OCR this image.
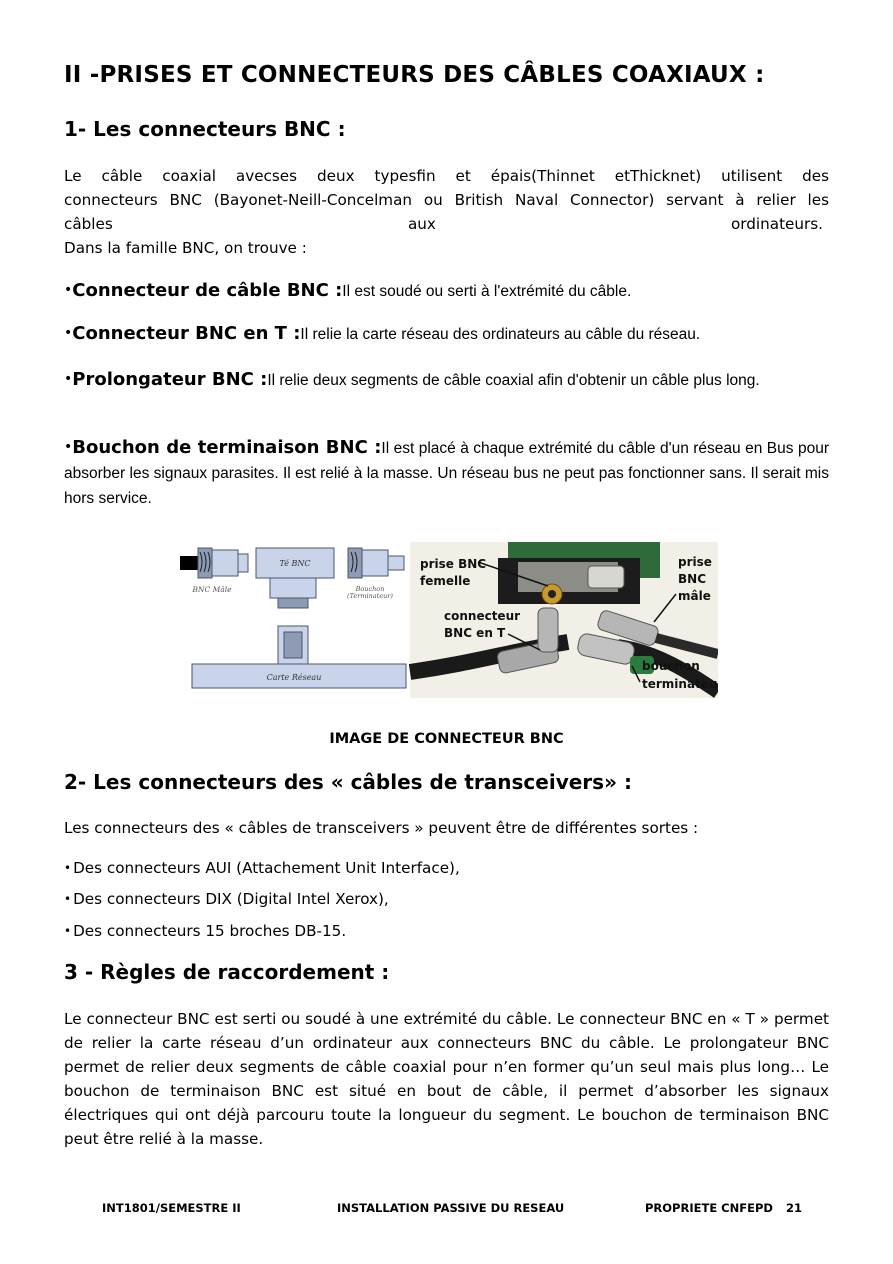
II -PRISES ET CONNECTEURS DES CÂBLES COAXIAUX :
1- Les connecteurs BNC :
Le câble coaxial avecses deux typesfin et épais(Thinnet etThicknet) utilisent des
connecteurs BNC (Bayonet-Neill-Concelman ou British Naval Connector) servant à relier les
câbles	aux	ordinateurs.
Dans la famille BNC, on trouve :
•Connecteur de câble BNC :Il est soudé ou serti à l'extrémité du câble.
•Connecteur BNC en T :Il relie la carte réseau des ordinateurs au câble du réseau.
•Prolongateur BNC :Il relie deux segments de câble coaxial afin d'obtenir un câble plus long.
•Bouchon de terminaison BNC :Il est placé à chaque extrémité du câble d'un réseau en Bus pour absorber les signaux parasites. Il est relié à la masse. Un réseau bus ne peut pas fonctionner sans. Il serait mis hors service.
Té BNC
BNC Mâle	Bouchon
(Terminateur)
Carte Réseau
prise BNC
femelle
connecteur
BNC en T
prise
BNC
mâle
bouchon
terminateur
IMAGE DE CONNECTEUR BNC
2- Les connecteurs des « câbles de transceivers» :
Les connecteurs des « câbles de transceivers » peuvent être de différentes sortes :
• Des connecteurs AUI (Attachement Unit Interface),
• Des connecteurs DIX (Digital Intel Xerox),
• Des connecteurs 15 broches DB-15.
3 - Règles de raccordement :
Le connecteur BNC est serti ou soudé à une extrémité du câble. Le connecteur BNC en « T » permet de relier la carte réseau d’un ordinateur aux connecteurs BNC du câble. Le prolongateur BNC permet de relier deux segments de câble coaxial pour n’en former qu’un seul mais plus long… Le bouchon de terminaison BNC est situé en bout de câble, il permet d’absorber les signaux électriques qui ont déjà parcouru toute la longueur du segment. Le bouchon de terminaison BNC peut être relié à la masse.
INT1801/SEMESTRE II	INSTALLATION PASSIVE DU RESEAU	PROPRIETE CNFEPD 21
